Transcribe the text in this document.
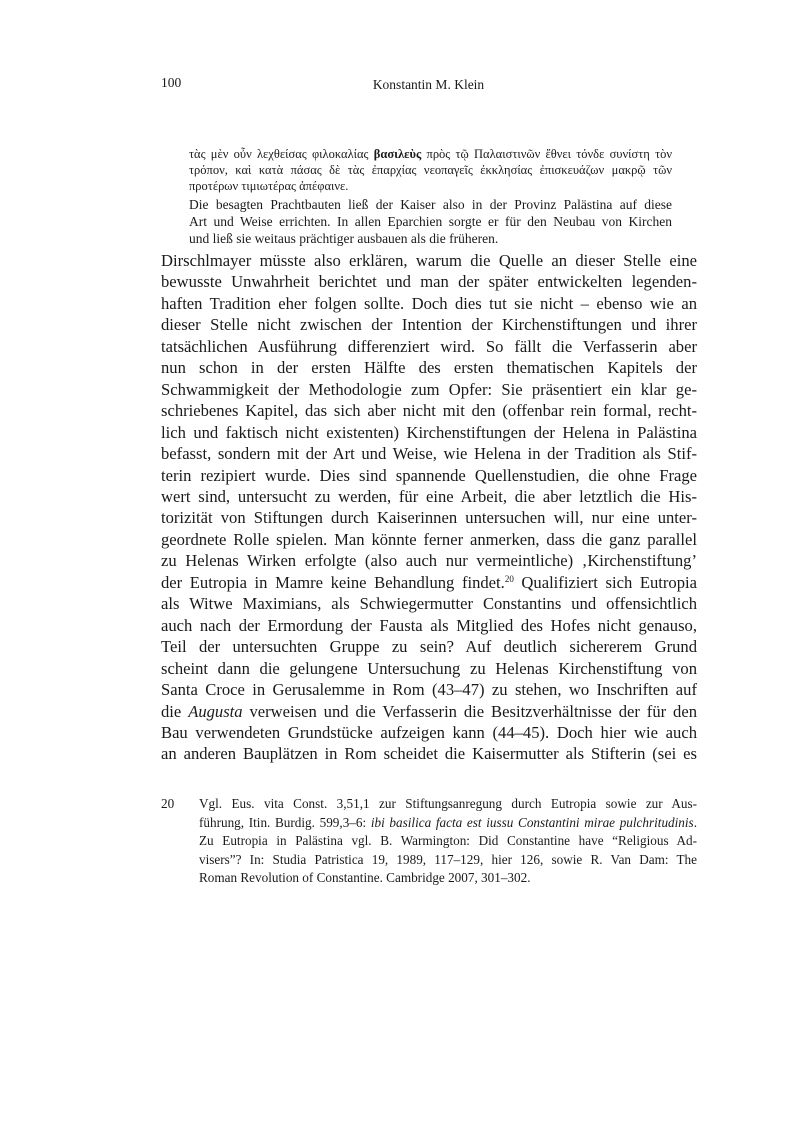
100	Konstantin M. Klein
τὰς μὲν οὖν λεχθείσας φιλοκαλίας βασιλεὺς πρὸς τῷ Παλαιστινῶν ἔθνει τόνδε συνίστη τὸν
τρόπον, καὶ κατὰ πάσας δὲ τὰς ἐπαρχίας νεοπαγεῖς ἐκκλησίας ἐπισκευάζων μακρῷ τῶν
προτέρων τιμιωτέρας ἀπέφαινε.
Die besagten Prachtbauten ließ der Kaiser also in der Provinz Palästina auf diese
Art und Weise errichten. In allen Eparchien sorgte er für den Neubau von Kirchen
und ließ sie weitaus prächtiger ausbauen als die früheren.
Dirschlmayer müsste also erklären, warum die Quelle an dieser Stelle eine
bewusste Unwahrheit berichtet und man der später entwickelten legenden-
haften Tradition eher folgen sollte. Doch dies tut sie nicht – ebenso wie an
dieser Stelle nicht zwischen der Intention der Kirchenstiftungen und ihrer
tatsächlichen Ausführung differenziert wird. So fällt die Verfasserin aber
nun schon in der ersten Hälfte des ersten thematischen Kapitels der
Schwammigkeit der Methodologie zum Opfer: Sie präsentiert ein klar ge-
schriebenes Kapitel, das sich aber nicht mit den (offenbar rein formal, recht-
lich und faktisch nicht existenten) Kirchenstiftungen der Helena in Palästina
befasst, sondern mit der Art und Weise, wie Helena in der Tradition als Stif-
terin rezipiert wurde. Dies sind spannende Quellenstudien, die ohne Frage
wert sind, untersucht zu werden, für eine Arbeit, die aber letztlich die His-
torizität von Stiftungen durch Kaiserinnen untersuchen will, nur eine unter-
geordnete Rolle spielen. Man könnte ferner anmerken, dass die ganz parallel
zu Helenas Wirken erfolgte (also auch nur vermeintliche) ‚Kirchenstiftung’
der Eutropia in Mamre keine Behandlung findet.$^{20}$ Qualifiziert sich Eutropia
als Witwe Maximians, als Schwiegermutter Constantins und offensichtlich
auch nach der Ermordung der Fausta als Mitglied des Hofes nicht genauso,
Teil der untersuchten Gruppe zu sein? Auf deutlich sichererem Grund
scheint dann die gelungene Untersuchung zu Helenas Kirchenstiftung von
Santa Croce in Gerusalemme in Rom (43–47) zu stehen, wo Inschriften auf
die Augusta verweisen und die Verfasserin die Besitzverhältnisse der für den
Bau verwendeten Grundstücke aufzeigen kann (44–45). Doch hier wie auch
an anderen Bauplätzen in Rom scheidet die Kaisermutter als Stifterin (sei es
20 Vgl. Eus. vita Const. 3,51,1 zur Stiftungsanregung durch Eutropia sowie zur Aus-
führung, Itin. Burdig. 599,3–6: ibi basilica facta est iussu Constantini mirae pulchritudinis.
Zu Eutropia in Palästina vgl. B. Warmington: Did Constantine have “Religious Ad-
visers”? In: Studia Patristica 19, 1989, 117–129, hier 126, sowie R. Van Dam: The
Roman Revolution of Constantine. Cambridge 2007, 301–302.
